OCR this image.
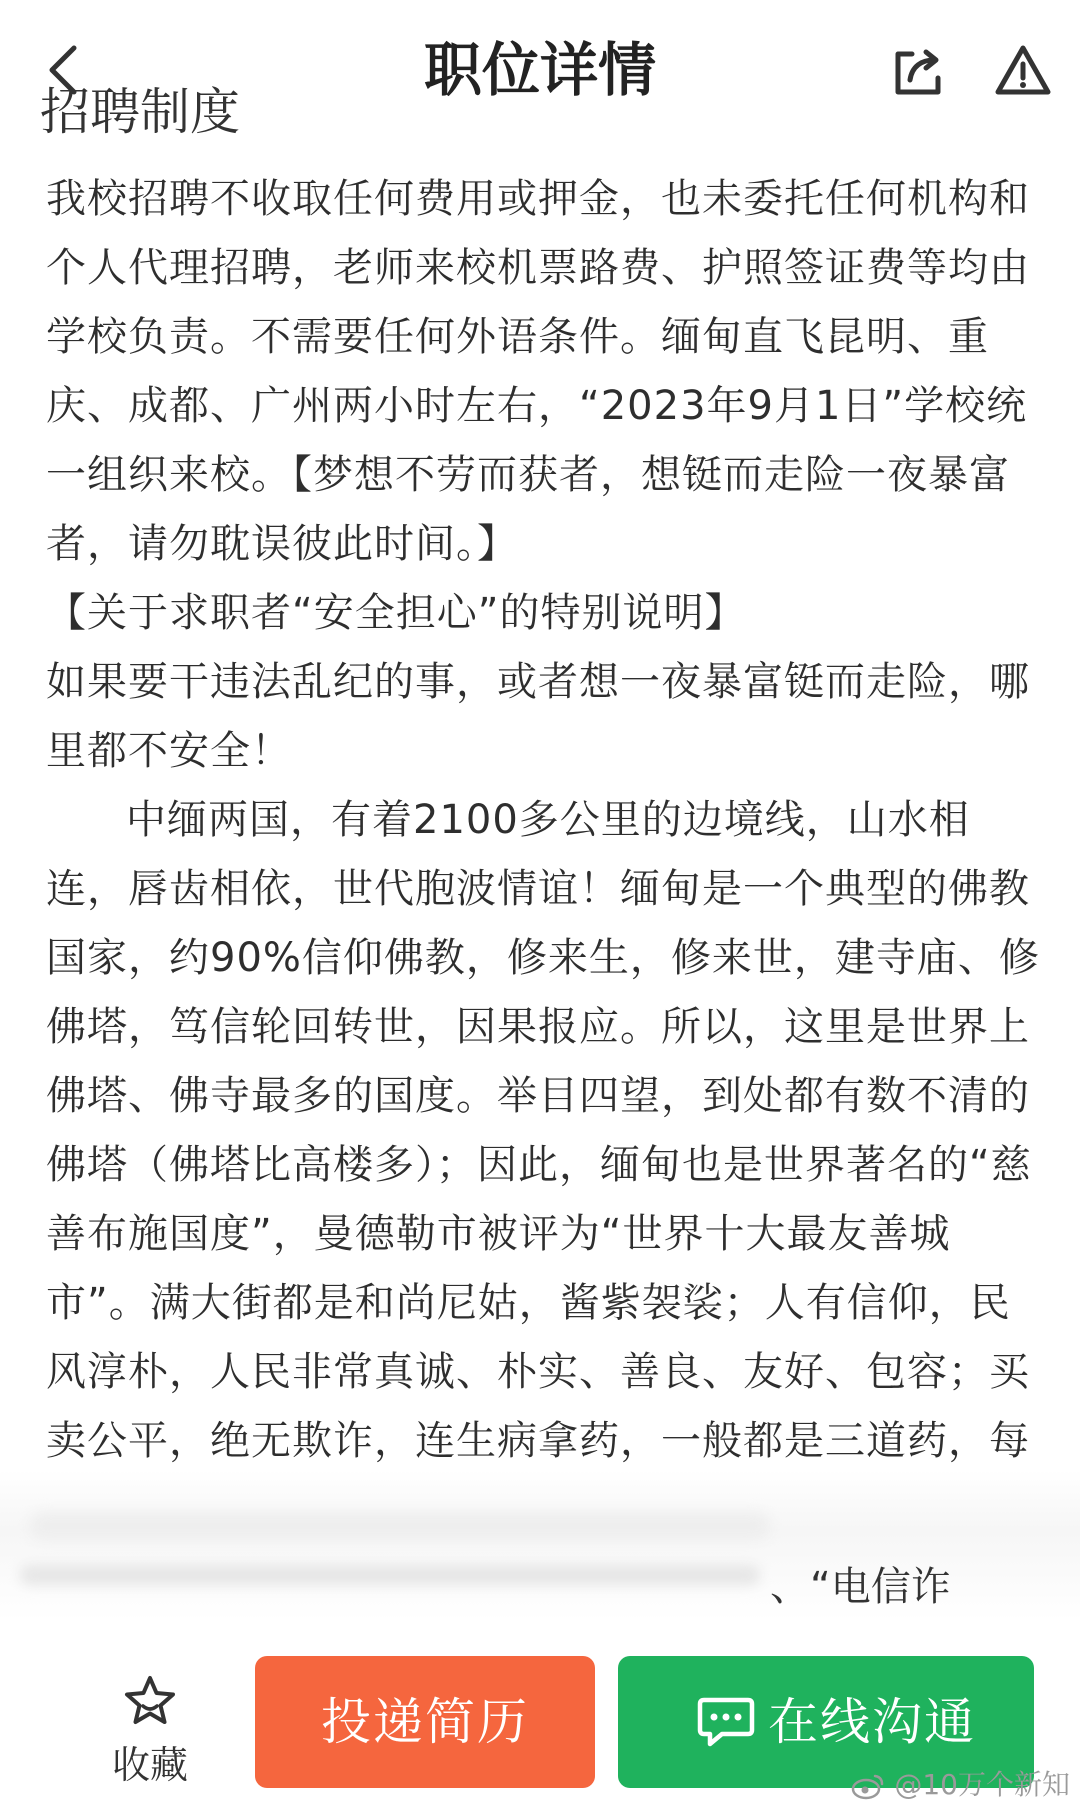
职位详情
招聘制度

我校招聘不收取任何费用或押金，也未委托任何机构和个人代理招聘，老师来校机票路费、护照签证费等均由学校负责。不需要任何外语条件。缅甸直飞昆明、重庆、成都、广州两小时左右，“2023年9月1日”学校统一组织来校。【梦想不劳而获者，想铤而走险一夜暴富者，请勿耽误彼此时间。】

【关于求职者“安全担心”的特别说明】

如果要干违法乱纪的事，或者想一夜暴富铤而走险，哪里都不安全！

中缅两国，有着2100多公里的边境线，山水相连，唇齿相依，世代胞波情谊！缅甸是一个典型的佛教国家，约90%信仰佛教，修来生，修来世，建寺庙、修佛塔，笃信轮回转世，因果报应。所以，这里是世界上佛塔、佛寺最多的国度。举目四望，到处都有数不清的佛塔（佛塔比高楼多）；因此，缅甸也是世界著名的“慈善布施国度”，曼德勒市被评为“世界十大最友善城市”。满大街都是和尚尼姑，酱紫袈裟；人有信仰，民风淳朴，人民非常真诚、朴实、善良、友好、包容；买卖公平，绝无欺诈，连生病拿药，一般都是三道药，每

、“电信诈
收藏
投递简历	在线沟通
@10万个新知
